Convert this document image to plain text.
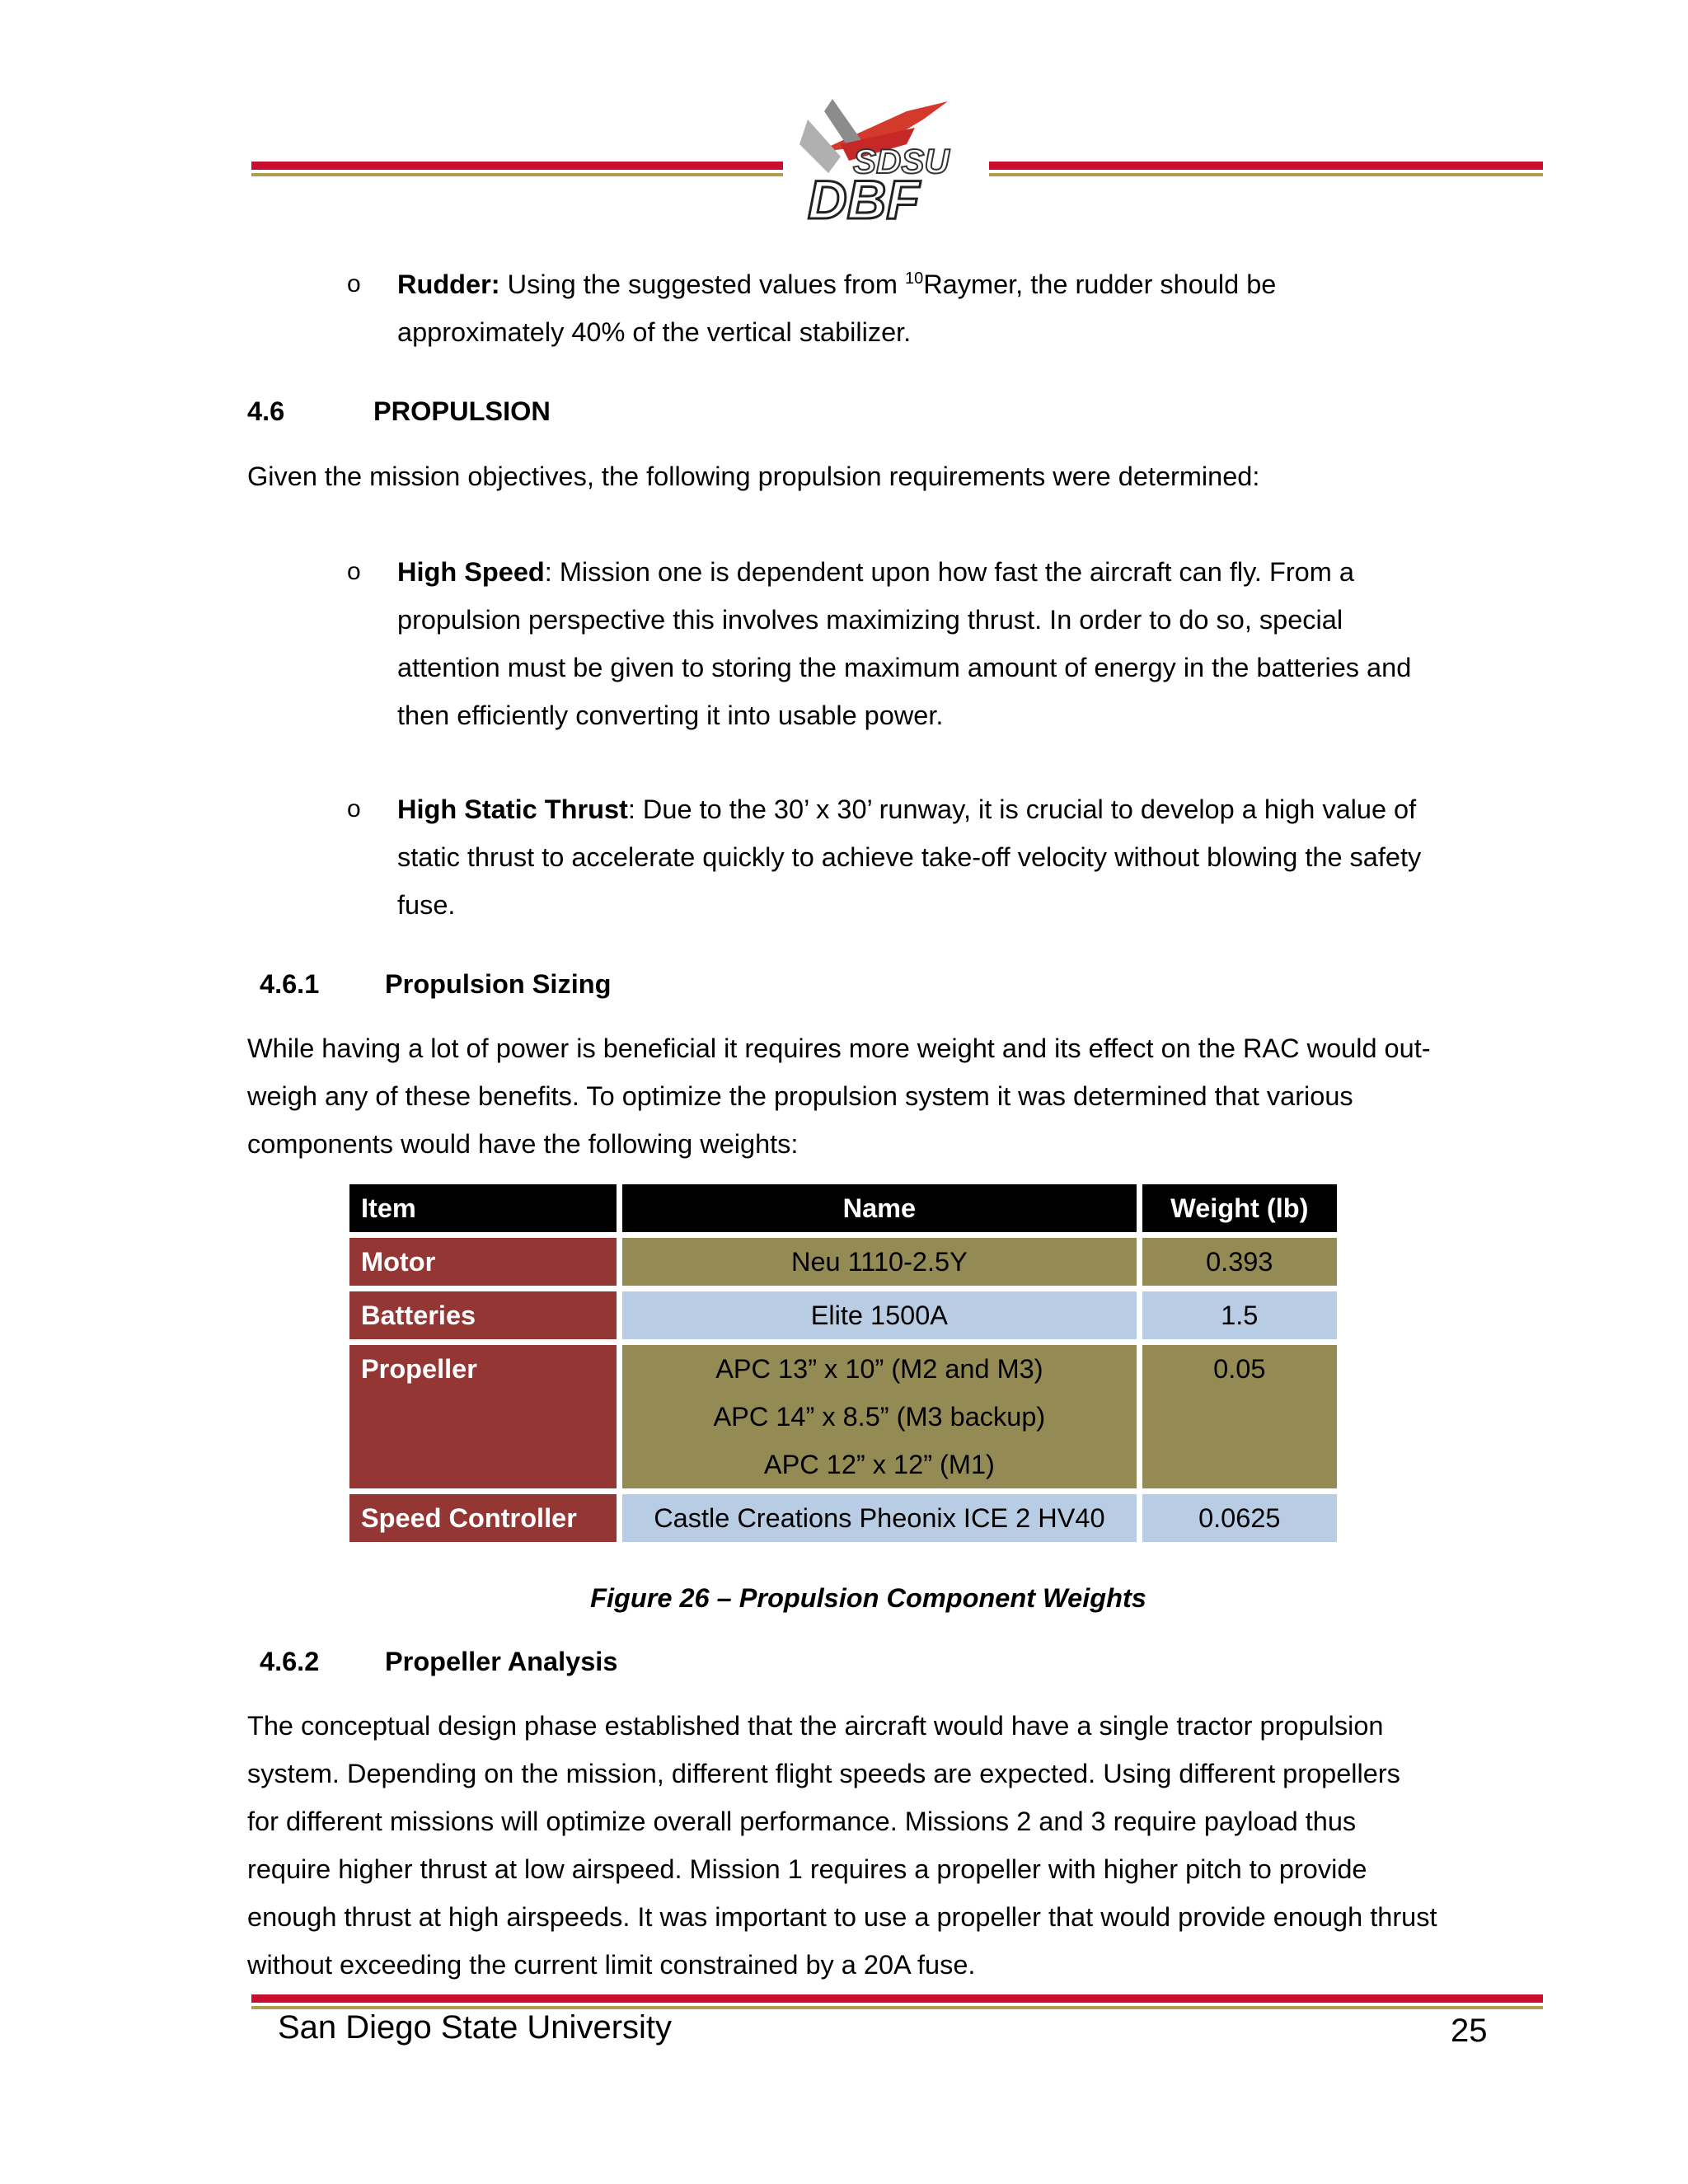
SDSU
DBF
o Rudder: Using the suggested values from $^{10}$Raymer, the rudder should be
approximately 40% of the vertical stabilizer.
4.6	PROPULSION
Given the mission objectives, the following propulsion requirements were determined:
o High Speed: Mission one is dependent upon how fast the aircraft can fly. From a
propulsion perspective this involves maximizing thrust. In order to do so, special
attention must be given to storing the maximum amount of energy in the batteries and
then efficiently converting it into usable power.
o High Static Thrust: Due to the 30’ x 30’ runway, it is crucial to develop a high value of
static thrust to accelerate quickly to achieve take-off velocity without blowing the safety
fuse.
4.6.1 Propulsion Sizing
While having a lot of power is beneficial it requires more weight and its effect on the RAC would out-
weigh any of these benefits. To optimize the propulsion system it was determined that various
components would have the following weights:
Item	Name	Weight (lb)
Motor	Neu 1110-2.5Y	0.393
Batteries	Elite 1500A	1.5
Propeller	APC 13” x 10” (M2 and M3)
APC 14” x 8.5” (M3 backup)
APC 12” x 12” (M1)	0.05
Speed Controller	Castle Creations Pheonix ICE 2 HV40	0.0625
Figure 26 – Propulsion Component Weights
4.6.2 Propeller Analysis
The conceptual design phase established that the aircraft would have a single tractor propulsion
system. Depending on the mission, different flight speeds are expected. Using different propellers
for different missions will optimize overall performance. Missions 2 and 3 require payload thus
require higher thrust at low airspeed. Mission 1 requires a propeller with higher pitch to provide
enough thrust at high airspeeds. It was important to use a propeller that would provide enough thrust
without exceeding the current limit constrained by a 20A fuse.
San Diego State University	25
